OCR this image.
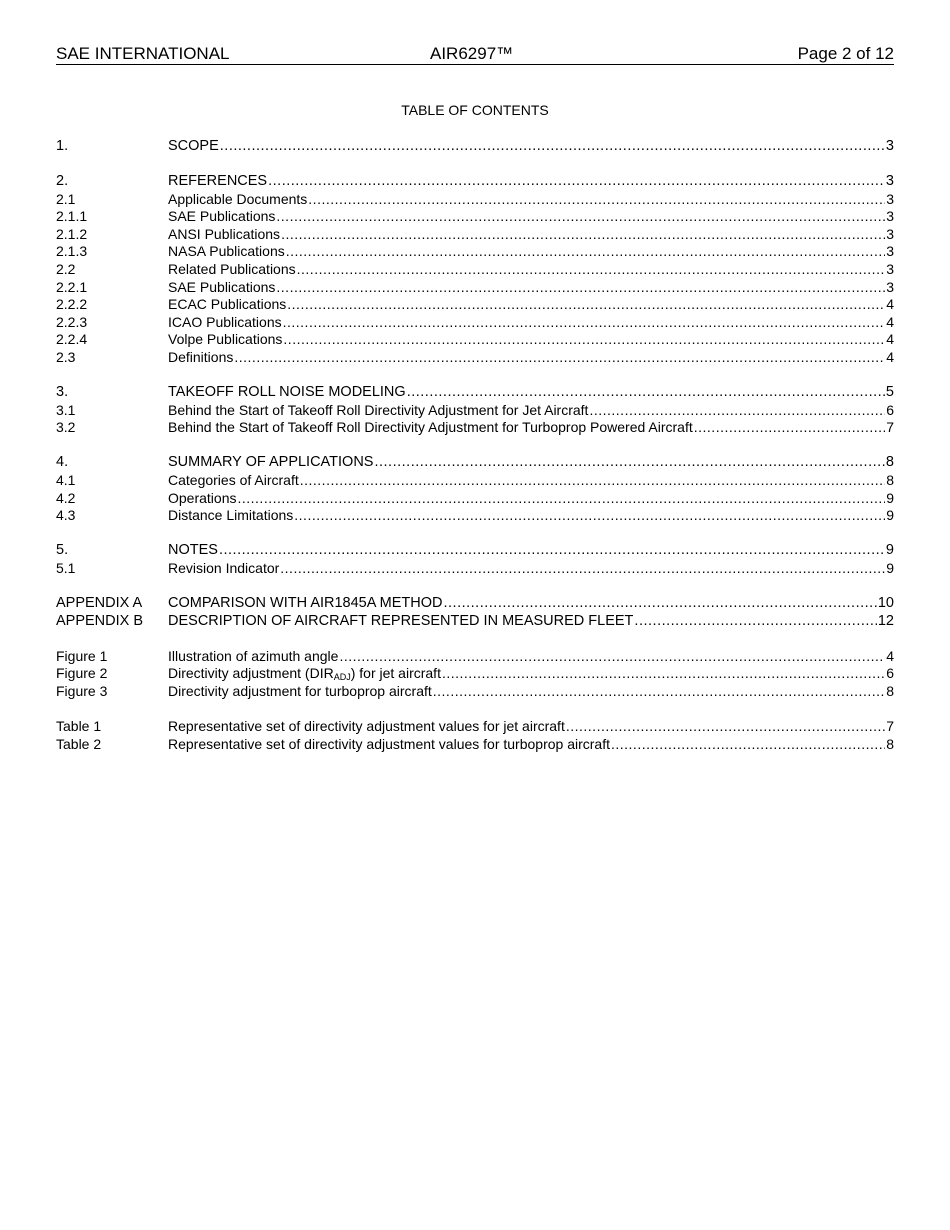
SAE INTERNATIONAL	AIR6297™	Page 2 of 12
TABLE OF CONTENTS
1.	SCOPE .....	3
2.	REFERENCES .....	3
2.1	Applicable Documents .....	3
2.1.1	SAE Publications .....	3
2.1.2	ANSI Publications .....	3
2.1.3	NASA Publications .....	3
2.2	Related Publications .....	3
2.2.1	SAE Publications .....	3
2.2.2	ECAC Publications .....	4
2.2.3	ICAO Publications .....	4
2.2.4	Volpe Publications .....	4
2.3	Definitions .....	4
3.	TAKEOFF ROLL NOISE MODELING .....	5
3.1	Behind the Start of Takeoff Roll Directivity Adjustment for Jet Aircraft .....	6
3.2	Behind the Start of Takeoff Roll Directivity Adjustment for Turboprop Powered Aircraft .....	7
4.	SUMMARY OF APPLICATIONS .....	8
4.1	Categories of Aircraft .....	8
4.2	Operations .....	9
4.3	Distance Limitations .....	9
5.	NOTES .....	9
5.1	Revision Indicator .....	9
APPENDIX A COMPARISON WITH AIR1845A METHOD .....	10
APPENDIX B DESCRIPTION OF AIRCRAFT REPRESENTED IN MEASURED FLEET .....	12
Figure 1	Illustration of azimuth angle .....	4
Figure 2	Directivity adjustment $(DIR_{ADJ})$ for jet aircraft .....	6
Figure 3	Directivity adjustment for turboprop aircraft .....	8
Table 1	Representative set of directivity adjustment values for jet aircraft .....	7
Table 2	Representative set of directivity adjustment values for turboprop aircraft .....	8
